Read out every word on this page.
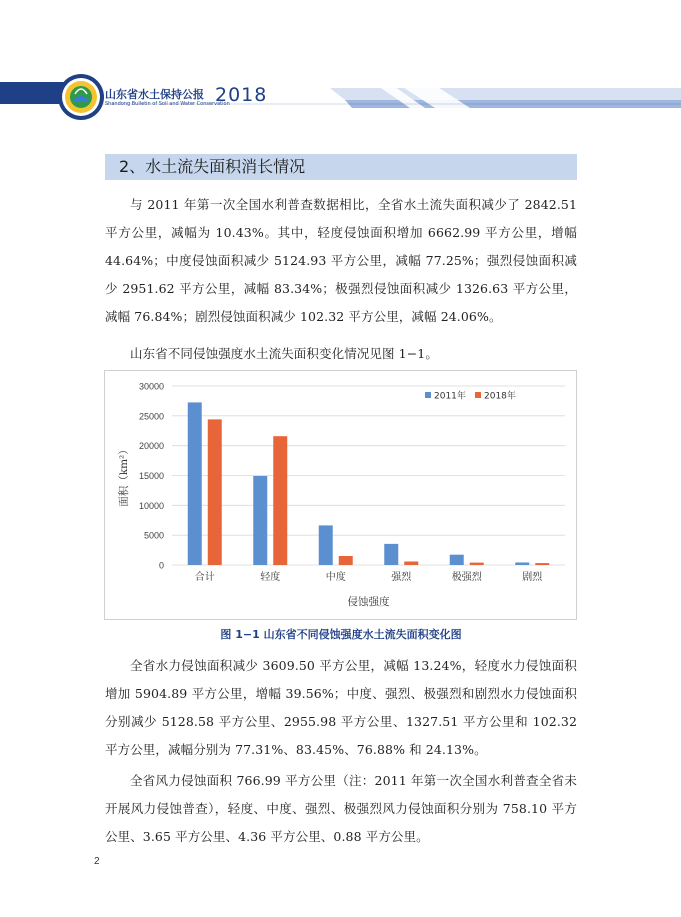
山东省水土保持公报
Shandong Bulletin of Soil and Water Conservation
2018
2、水土流失面积消长情况

与 2011 年第一次全国水利普查数据相比，全省水土流失面积减少了 2842.51 平方公里，减幅为 10.43%。其中，轻度侵蚀面积增加 6662.99 平方公里，增幅 44.64%；中度侵蚀面积减少 5124.93 平方公里，减幅 77.25%；强烈侵蚀面积减少 2951.62 平方公里，减幅 83.34%；极强烈侵蚀面积减少 1326.63 平方公里，减幅 76.84%；剧烈侵蚀面积减少 102.32 平方公里，减幅 24.06%。

山东省不同侵蚀强度水土流失面积变化情况见图 1−1。

0
5000
10000
15000
20000
25000
30000
合计	轻度	中度	强烈	极强烈	剧烈
侵蚀强度
面积（km²）
2011年 2018年
图 1−1 山东省不同侵蚀强度水土流失面积变化图

全省水力侵蚀面积减少 3609.50 平方公里，减幅 13.24%，轻度水力侵蚀面积增加 5904.89 平方公里，增幅 39.56%；中度、强烈、极强烈和剧烈水力侵蚀面积分别减少 5128.58 平方公里、2955.98 平方公里、1327.51 平方公里和 102.32 平方公里，减幅分别为 77.31%、83.45%、76.88% 和 24.13%。

全省风力侵蚀面积 766.99 平方公里（注：2011 年第一次全国水利普查全省未开展风力侵蚀普查），轻度、中度、强烈、极强烈风力侵蚀面积分别为 758.10 平方公里、3.65 平方公里、4.36 平方公里、0.88 平方公里。

2
